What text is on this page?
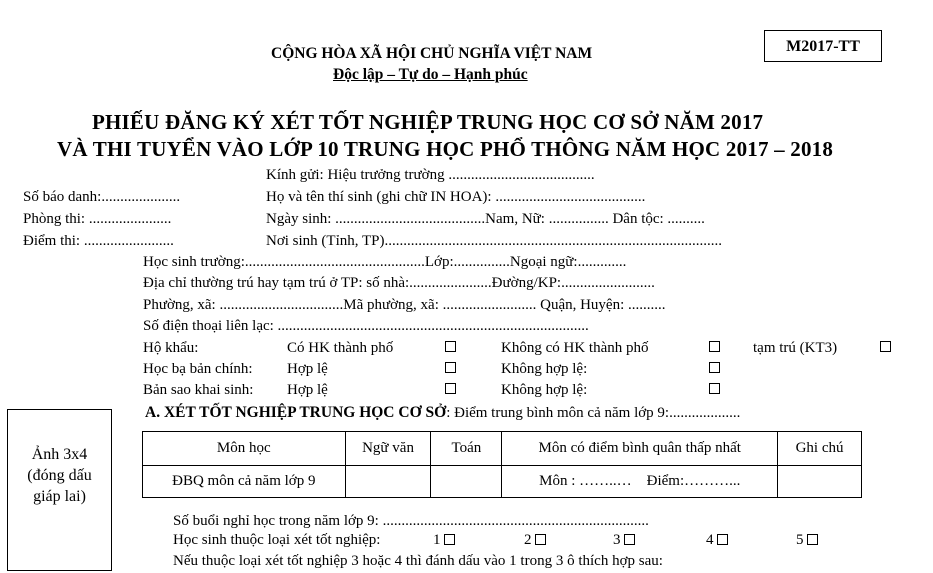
CỘNG HÒA XÃ HỘI CHỦ NGHĨA VIỆT NAM
Độc lập – Tự do – Hạnh phúc
M2017-TT
PHIẾU ĐĂNG KÝ XÉT TỐT NGHIỆP TRUNG HỌC CƠ SỞ NĂM 2017
VÀ THI TUYỂN VÀO LỚP 10 TRUNG HỌC PHỔ THÔNG NĂM HỌC 2017 – 2018
Số báo danh:.....................
Phòng thi: ......................
Điểm thi: ........................
Kính gửi: Hiệu trưởng trường .......................................
Họ và tên thí sinh (ghi chữ IN HOA): ........................................
Ngày sinh: ........................................Nam, Nữ: ................ Dân tộc: ..........
Nơi sinh (Tỉnh, TP)..........................................................................................
Học sinh trường:................................................Lớp:...............Ngoại ngữ:.............
Địa chỉ thường trú hay tạm trú ở TP: số nhà:......................Đường/KP:.........................
Phường, xã: .................................Mã phường, xã: ......................... Quận, Huyện: ..........
Số điện thoại liên lạc: ...................................................................................
Hộ khẩu:	Có HK thành phố	Không có HK thành phố	tạm trú (KT3)
Học bạ bản chính: Hợp lệ	Không hợp lệ:
Bản sao khai sinh: Hợp lệ	Không hợp lệ:
Ảnh 3x4
(đóng dấu
giáp lai)
A. XÉT TỐT NGHIỆP TRUNG HỌC CƠ SỞ: Điểm trung bình môn cả năm lớp 9:...................
Môn học	Ngữ văn	Toán	Môn có điểm bình quân thấp nhất	Ghi chú
ĐBQ môn cả năm lớp 9			Môn : ……..… Điểm:………...	
Số buổi nghỉ học trong năm lớp 9: .......................................................................
Học sinh thuộc loại xét tốt nghiệp:	1	2	3	4	5
Nếu thuộc loại xét tốt nghiệp 3 hoặc 4 thì đánh dấu vào 1 trong 3 ô thích hợp sau:
